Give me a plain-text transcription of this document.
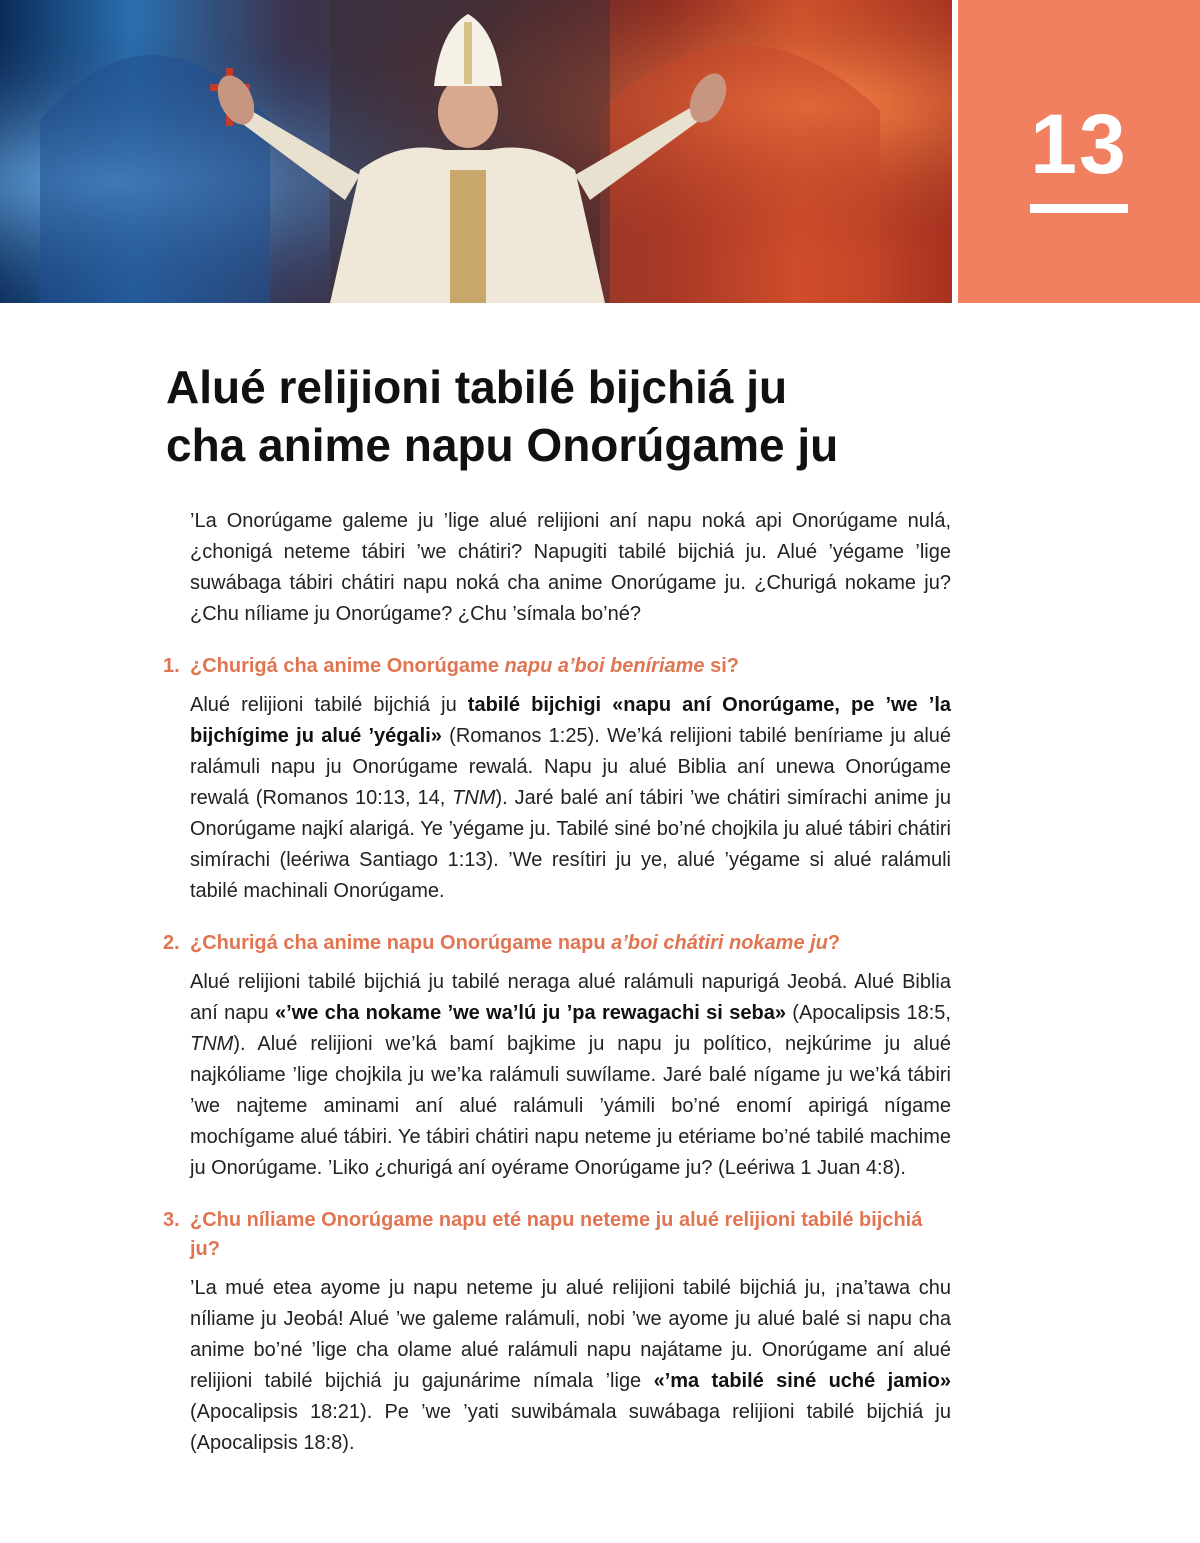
13
Alué relijioni tabilé bijchiá ju
cha anime napu Onorúgame ju

’La Onorúgame galeme ju ’lige alué relijioni aní napu noká api Onorúgame nulá, ¿chonigá neteme tábiri ’we chátiri? Napugiti tabilé bijchiá ju. Alué ’yégame ’lige suwábaga tábiri chátiri napu noká cha anime Onorúgame ju. ¿Churigá nokame ju? ¿Chu níliame ju Onorúgame? ¿Chu ’símala bo’né?

1. ¿Churigá cha anime Onorúgame napu a’boi beníriame si?

Alué relijioni tabilé bijchiá ju tabilé bijchigi «napu aní Onorúgame, pe ’we ’la bijchígime ju alué ’yégali» (Romanos 1:25). We’ká relijioni tabilé beníriame ju alué ralámuli napu ju Onorúgame rewalá. Napu ju alué Biblia aní unewa Onorúgame rewalá (Romanos 10:13, 14, TNM). Jaré balé aní tábiri ’we chátiri simírachi anime ju Onorúgame najkí alarigá. Ye ’yégame ju. Tabilé siné bo’né chojkila ju alué tábiri chátiri simírachi (leériwa Santiago 1:13). ’We resítiri ju ye, alué ’yégame si alué ralámuli tabilé machinali Onorúgame.

2. ¿Churigá cha anime napu Onorúgame napu a’boi chátiri nokame ju?

Alué relijioni tabilé bijchiá ju tabilé neraga alué ralámuli napurigá Jeobá. Alué Biblia aní napu «’we cha nokame ’we wa’lú ju ’pa rewagachi si seba» (Apocalipsis 18:5, TNM). Alué relijioni we’ká bamí bajkime ju napu ju político, nejkúrime ju alué najkóliame ’lige chojkila ju we’ka ralámuli suwílame. Jaré balé nígame ju we’ká tábiri ’we najteme aminami aní alué ralámuli ’yámili bo’né enomí apirigá nígame mochígame alué tábiri. Ye tábiri chátiri napu neteme ju etériame bo’né tabilé machime ju Onorúgame. ’Liko ¿churigá aní oyérame Onorúgame ju? (Leériwa 1 Juan 4:8).

3. ¿Chu níliame Onorúgame napu eté napu neteme ju alué relijioni tabilé bijchiá ju?

’La mué etea ayome ju napu neteme ju alué relijioni tabilé bijchiá ju, ¡na’tawa chu níliame ju Jeobá! Alué ’we galeme ralámuli, nobi ’we ayome ju alué balé si napu cha anime bo’né ’lige cha olame alué ralámuli napu najátame ju. Onorúgame aní alué relijioni tabilé bijchiá ju gajunárime nímala ’lige «’ma tabilé siné uché jamio» (Apocalipsis 18:21). Pe ’we ’yati suwibámala suwábaga relijioni tabilé bijchiá ju (Apocalipsis 18:8).
